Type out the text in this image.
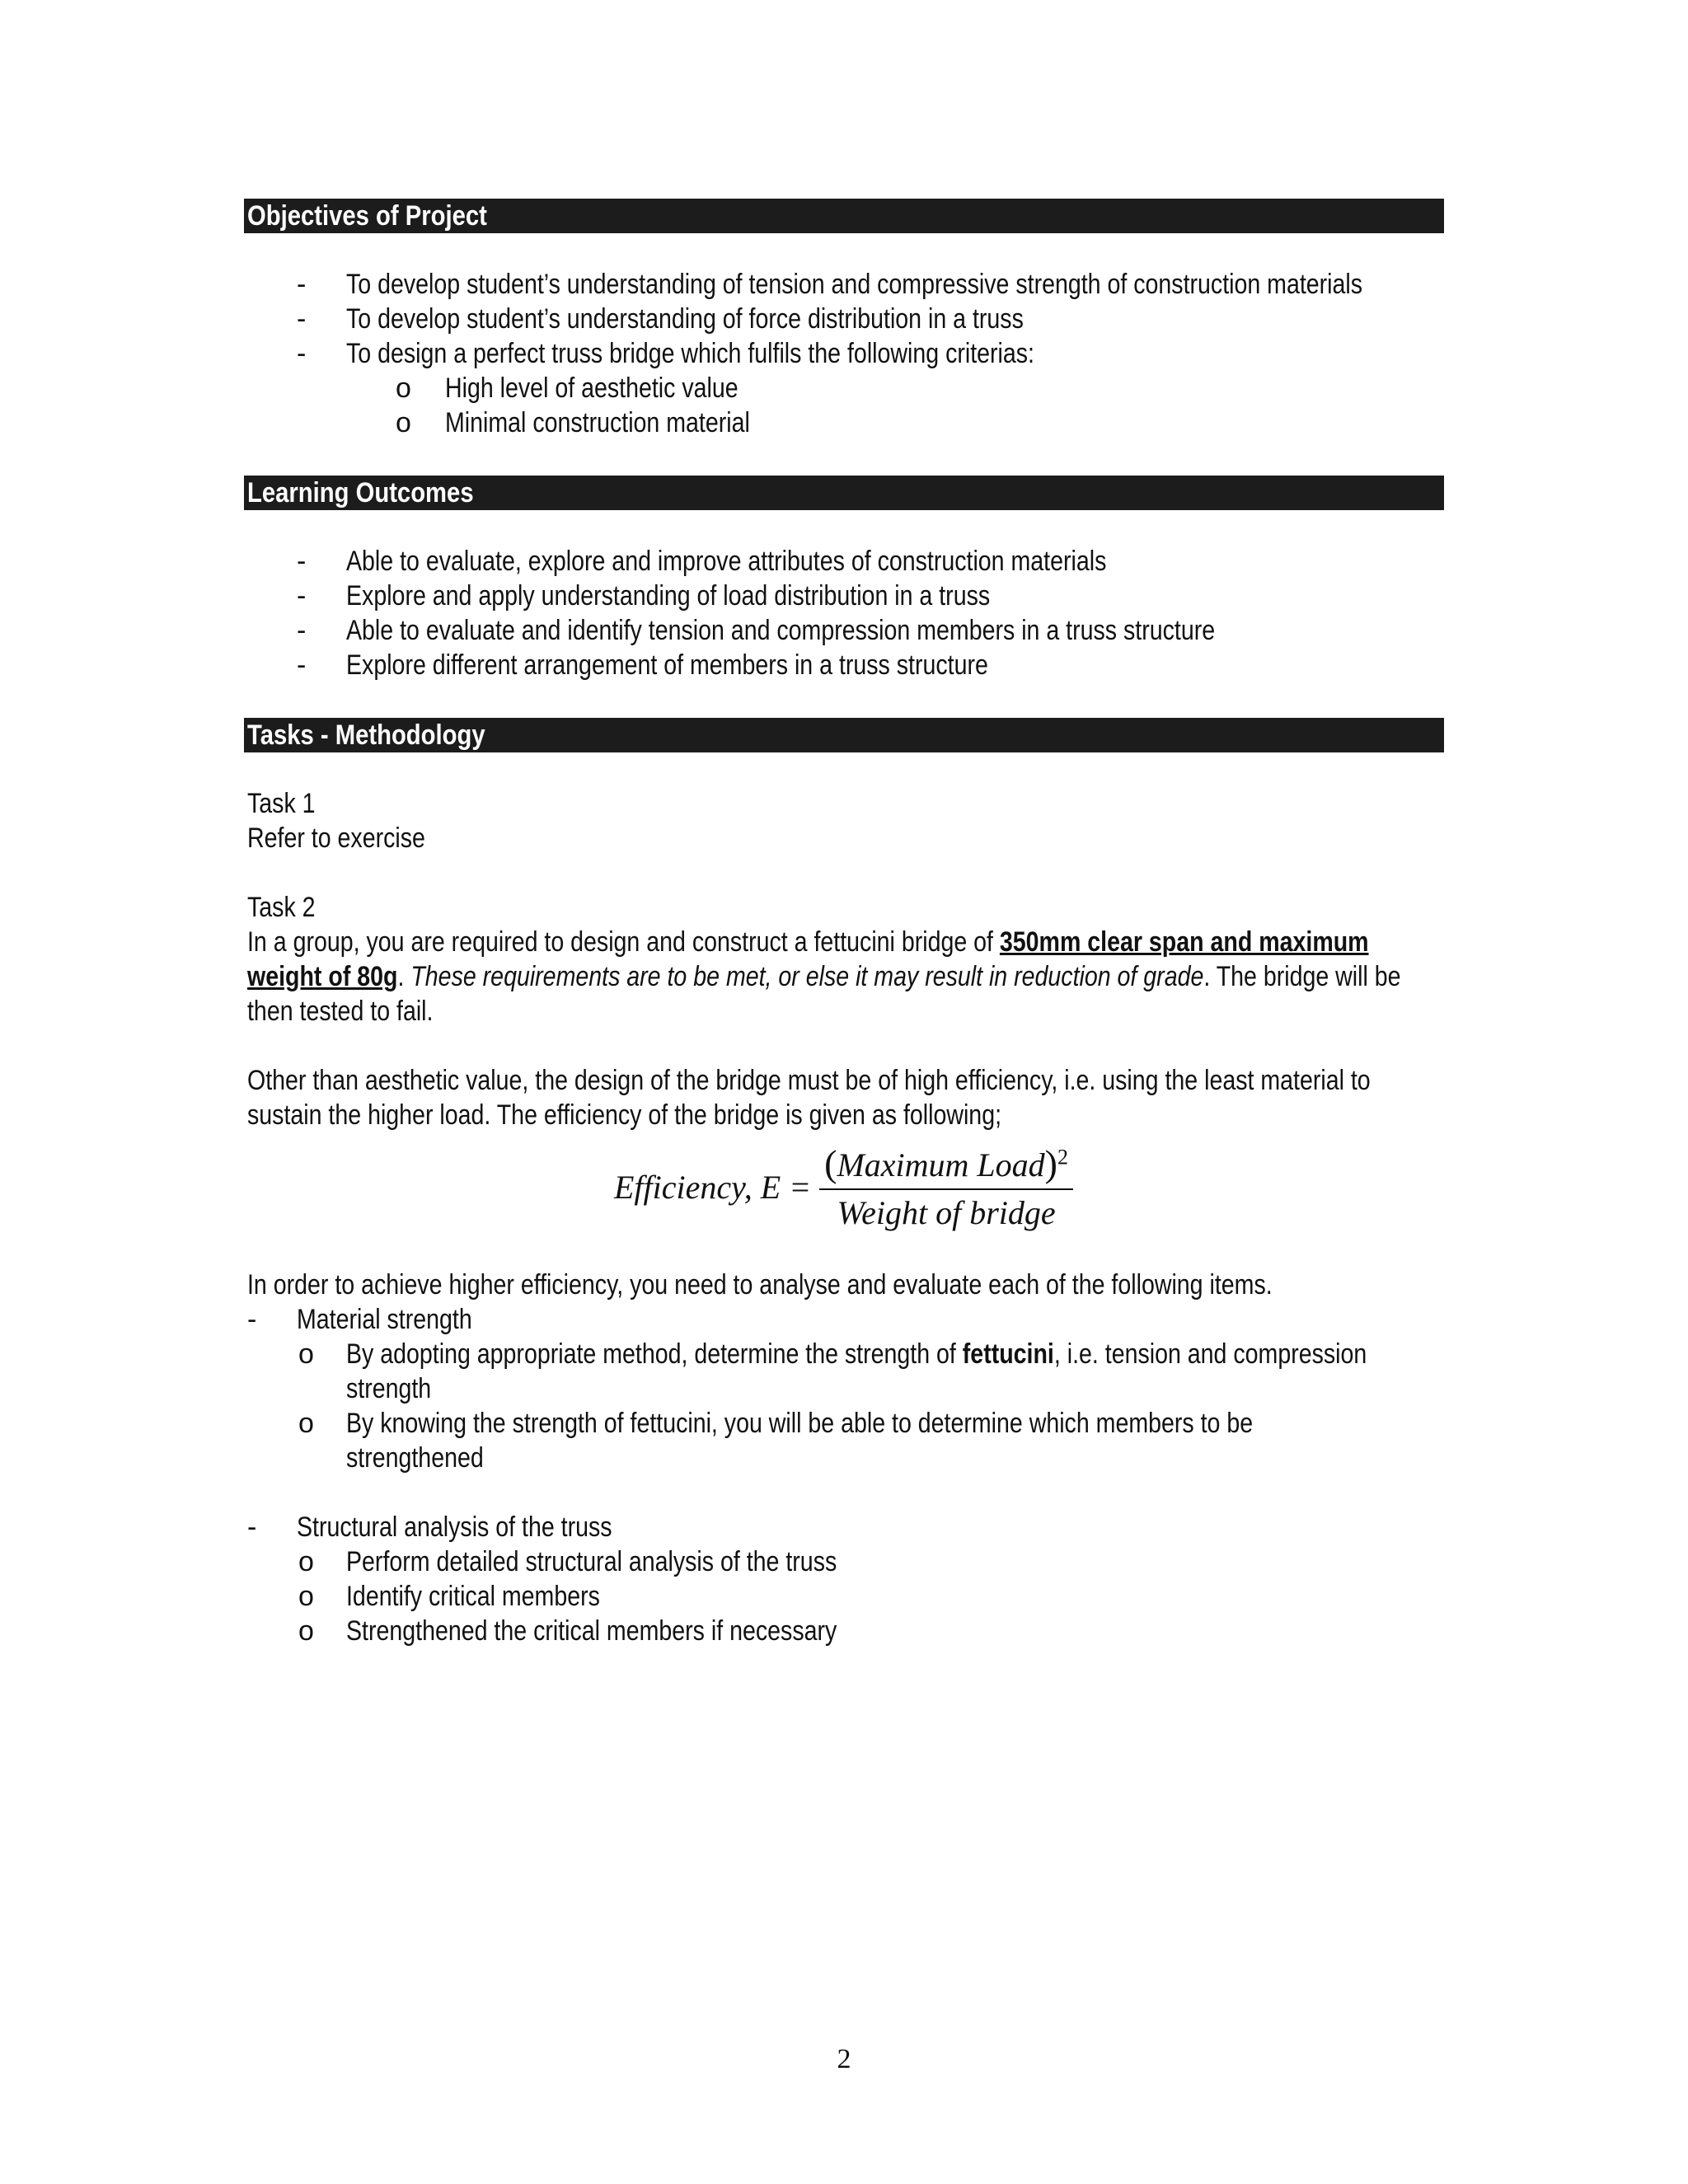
Objectives of Project
- To develop student’s understanding of tension and compressive strength of construction materials
- To develop student’s understanding of force distribution in a truss
- To design a perfect truss bridge which fulfils the following criterias:
o High level of aesthetic value
o Minimal construction material
Learning Outcomes
- Able to evaluate, explore and improve attributes of construction materials
- Explore and apply understanding of load distribution in a truss
- Able to evaluate and identify tension and compression members in a truss structure
- Explore different arrangement of members in a truss structure
Tasks - Methodology
Task 1
Refer to exercise
Task 2

In a group, you are required to design and construct a fettucini bridge of 350mm clear span and maximum weight of 80g. These requirements are to be met, or else it may result in reduction of grade. The bridge will be then tested to fail.

Other than aesthetic value, the design of the bridge must be of high efficiency, i.e. using the least material to sustain the higher load. The efficiency of the bridge is given as following;

Efficiency, $E = \frac{(Maximum Load)^2}{\text{Weight of bridge}}$
In order to achieve higher efficiency, you need to analyse and evaluate each of the following items.
- Material strength
o By adopting appropriate method, determine the strength of fettucini, i.e. tension and compression
strength
o By knowing the strength of fettucini, you will be able to determine which members to be
strengthened
- Structural analysis of the truss
o Perform detailed structural analysis of the truss
o Identify critical members
o Strengthened the critical members if necessary
2
